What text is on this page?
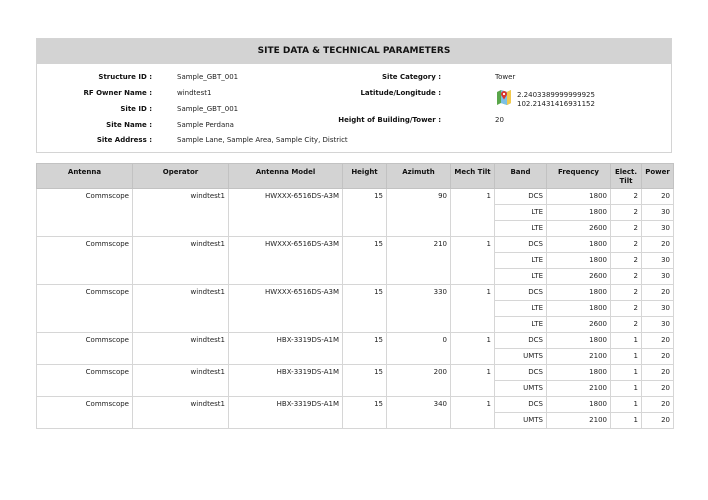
SITE DATA & TECHNICAL PARAMETERS
Structure ID :	Sample_GBT_001
RF Owner Name :	windtest1
Site ID :	Sample_GBT_001
Site Name :	Sample Perdana
Site Address :	Sample Lane, Sample Area, Sample City, District
Site Category :	Tower
Latitude/Longitude :	2.2403389999999925
102.21431416931152
Height of Building/Tower :	20
Antenna	Operator	Antenna Model	Height	Azimuth	Mech Tilt	Band	Frequency	Elect. Tilt	Power
Commscope	windtest1	HWXXX-6516DS-A3M	15	90	1	DCS	1800	2	20
						LTE	1800	2	30
						LTE	2600	2	30
Commscope	windtest1	HWXXX-6516DS-A3M	15	210	1	DCS	1800	2	20
						LTE	1800	2	30
						LTE	2600	2	30
Commscope	windtest1	HWXXX-6516DS-A3M	15	330	1	DCS	1800	2	20
						LTE	1800	2	30
						LTE	2600	2	30
Commscope	windtest1	HBX-3319DS-A1M	15	0	1	DCS	1800	1	20
						UMTS	2100	1	20
Commscope	windtest1	HBX-3319DS-A1M	15	200	1	DCS	1800	1	20
						UMTS	2100	1	20
Commscope	windtest1	HBX-3319DS-A1M	15	340	1	DCS	1800	1	20
						UMTS	2100	1	20
